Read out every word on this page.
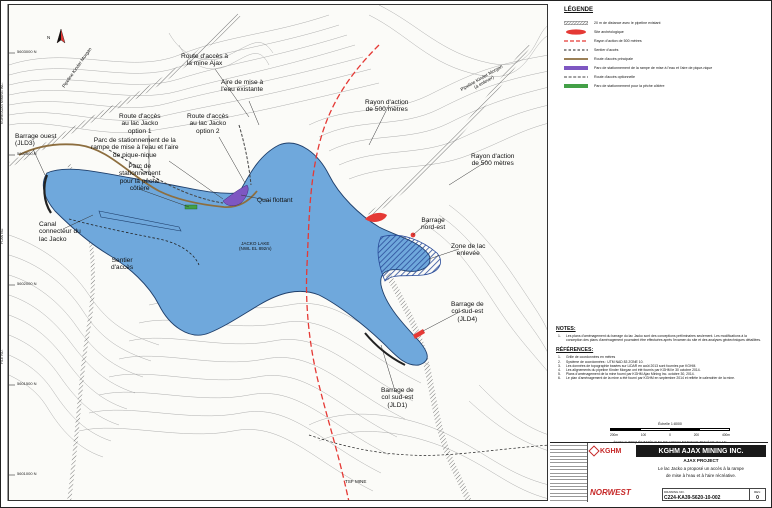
KGHM AJAX MINING INC.
PLAN NO.
FILE NO.
5603000 N
5602500 N
5602000 N
5601500 N
5601000 N
N
Route d'accès à
la mine Ajax
Aire de mise à
l'eau existante
Route d'accès
au lac Jacko
option 1
Route d'accès
au lac Jacko
option 2
Barrage ouest
(JLD3)	Parc de stationnement de la
rampe de mise à l'eau et l'aire
de pique-nique
Parc de
stationnement
pour la pêche
côtière
Quai flottant
Canal
connecteur du
lac Jacko
Sentier
d'accès
JACKO LAKE
(NWL EL 892m)
Rayon d'action
de 500 mètres
Rayon d'action
de 500 mètres
Pipeline Kinder Morgan
(à enlever)
Pipeline Kinder Morgan
Barrage
nord-est
Zone de lac
enlevée
Barrage de
col sud-est
(JLD4)
Barrage de
col sud-est
(JLD1)
TSF MINE
LÉGENDE
20 m de distance avec le pipeline existant
Site archéologique
Rayon d'action de 500 mètres
Sentier d'accès
Route d'accès principale
Parc de stationnement de la rampe de mise à l'eau et l'aire de pique-nique
Route d'accès optionnelle
Parc de stationnement pour la pêche côtière
NOTES:
1.	Les plans d'aménagement du barrage du lac Jacko sont des conceptions préliminaires seulement. Les modifications à la conception des plans d'aménagement pourraient être effectuées après l'examen du site et des analyses géotechniques détaillées.
RÉFÉRENCES:
1.	Grille de coordonnées en mètres
2.	Système de coordonnées : UTM NAD 83 ZONE 10.
3.	Les données de topographie basées sur LiDAR en août 2013 sont fournies par KGHM.
4.	Les alignements du pipeline Kinder Morgan ont été fournis par KGHM le 30 octobre 2014.
5.	Plans d'aménagement de la mine fourni par KGHM Ajax Mining Inc. octobre 30, 2014.
6.	Le plan d'aménagement de la mine a été fourni par KGHM en septembre 2014 et reflète le calendrier de la mine.
Échelle 1:8000
200m	100	0	200	400m
ÉCHELLE INDIQUÉE BASÉE SUR UNE CONFIGURATION DE TRACÉ DE 11"x 17"
KGHM	KGHM AJAX MINING INC.
AJAX PROJECT
Le lac Jacko a proposé un accès à la rampe
de mise à l'eau et à l'aire récréative.
NORWEST	DRAWING NO.
C224-KA39-5620-10-002
REV.
0
